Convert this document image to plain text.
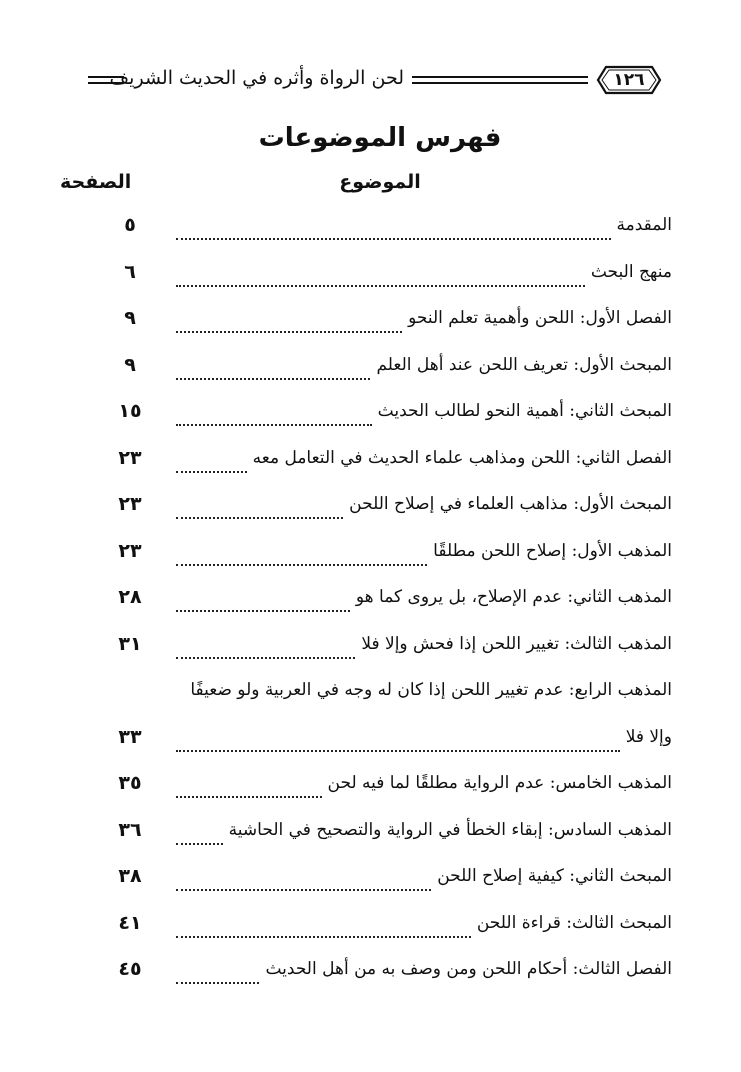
لحن الرواة وأثره في الحديث الشريف	١٢٦
فهرس الموضوعات
الموضوع
الصفحة
المقدمة
٥
منهج البحث
٦
الفصل الأول: اللحن وأهمية تعلم النحو
٩
المبحث الأول: تعريف اللحن عند أهل العلم
٩
المبحث الثاني: أهمية النحو لطالب الحديث
١٥
الفصل الثاني: اللحن ومذاهب علماء الحديث في التعامل معه
٢٣
المبحث الأول: مذاهب العلماء في إصلاح اللحن
٢٣
المذهب الأول: إصلاح اللحن مطلقًا
٢٣
المذهب الثاني: عدم الإصلاح، بل يروى كما هو
٢٨
المذهب الثالث: تغيير اللحن إذا فحش وإلا فلا
٣١
المذهب الرابع: عدم تغيير اللحن إذا كان له وجه في العربية ولو ضعيفًا
وإلا فلا
٣٣
المذهب الخامس: عدم الرواية مطلقًا لما فيه لحن
٣٥
المذهب السادس: إبقاء الخطأ في الرواية والتصحيح في الحاشية
٣٦
المبحث الثاني: كيفية إصلاح اللحن
٣٨
المبحث الثالث: قراءة اللحن
٤١
الفصل الثالث: أحكام اللحن ومن وصف به من أهل الحديث
٤٥
